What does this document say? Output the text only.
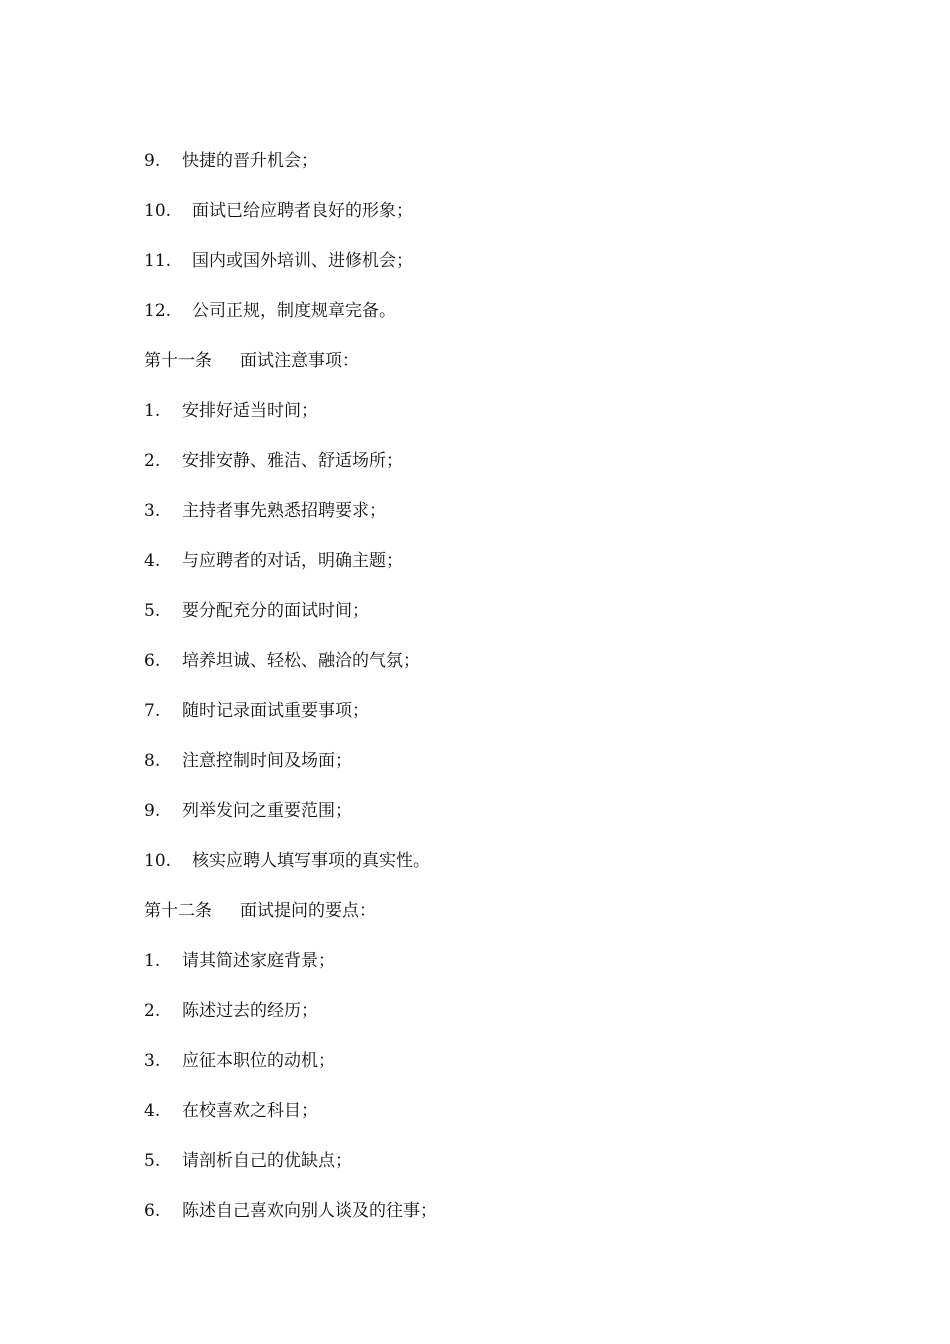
9.	快捷的晋升机会；
10.	面试已给应聘者良好的形象；
11.	国内或国外培训、进修机会；
12.	公司正规，制度规章完备。
第十一条	面试注意事项：
1.	安排好适当时间；
2.	安排安静、雅洁、舒适场所；
3.	主持者事先熟悉招聘要求；
4.	与应聘者的对话，明确主题；
5.	要分配充分的面试时间；
6.	培养坦诚、轻松、融洽的气氛；
7.	随时记录面试重要事项；
8.	注意控制时间及场面；
9.	列举发问之重要范围；
10.	核实应聘人填写事项的真实性。
第十二条	面试提问的要点：
1.	请其简述家庭背景；
2.	陈述过去的经历；
3.	应征本职位的动机；
4.	在校喜欢之科目；
5.	请剖析自己的优缺点；
6.	陈述自己喜欢向别人谈及的往事；
